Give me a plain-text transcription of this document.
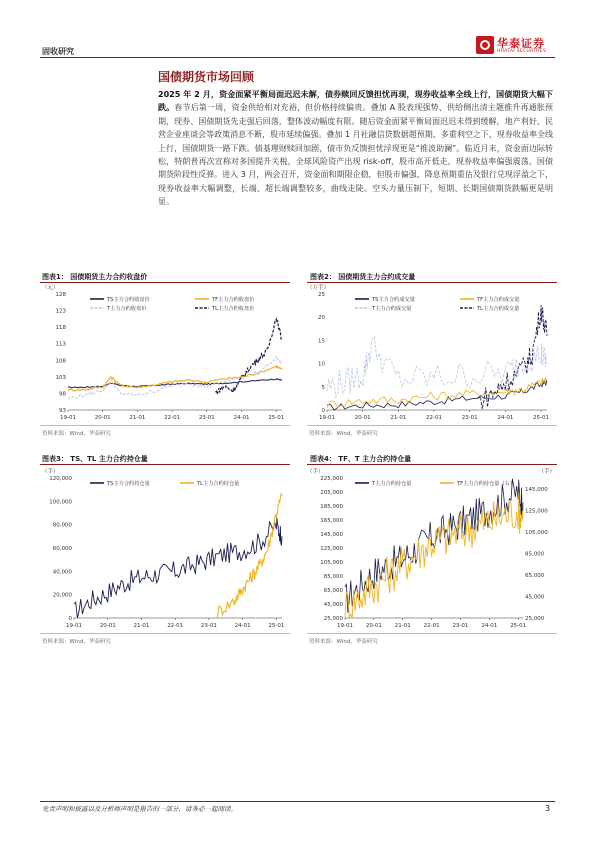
固收研究
华泰证券
HUATAI SECURITIES
国债期货市场回顾
2025 年 2 月，资金面紧平衡局面迟迟未解，债券赎回反馈担忧再现，现券收益率全线上行，国债期货大幅下跌。春节后第一周，资金供给相对充裕，但价格持续偏贵。叠加 A 股表现强势、供给侧出清主题推升再通胀预期，现券、国债期货先走强后回落，整体波动幅度有限。随后资金面紧平衡局面迟迟未得到缓解，地产利好、民营企业座谈会等政策消息不断，股市延续偏强。叠加 1 月社融信贷数据超预期，多重利空之下，现券收益率全线上行，国债期货一路下跌。债基理财赎回加剧，债市负反馈担忧浮现更是“推波助澜”。临近月末，资金面边际转松，特朗普再次宣称对多国提升关税，全球风险资产出现 risk-off，股市高开低走，现券收益率偏强震荡，国债期货阶段性反弹。进入 3 月，两会召开，资金面和期限企稳，但股市偏强、降息预期重估及银行兑现浮盈之下，现券收益率大幅调整，长端、超长端调整较多，曲线走陡。空头力量压制下，短期、长期国债期货跌幅更是明显。
图表1： 国债期货主力合约收盘价
（元）
93
98
103
108
113
118
123
128
19-01	20-01	21-01	22-01	23-01	24-01	25-01
TS主力合约收盘价	TF主力合约收盘价
T主力合约收盘价	TL主力合约收盘价
资料来源：Wind，华泰研究
图表2： 国债期货主力合约成交量
（万手）
0
5
10
15
20
25
19-01	20-01	21-01	22-01	23-01	24-01	25-01
TS主力合约成交量	TF主力合约成交量
T主力合约成交量	TL主力合约成交量
资料来源：Wind，华泰研究
图表3： TS、TL 主力合约持仓量
（手）
0
20,000
40,000
60,000
80,000
100,000
120,000
19-01	20-01	21-01	22-01	23-01	24-01	25-01
TS主力合约持仓量	TL主力合约持仓量
资料来源：Wind，华泰研究
图表4： TF、T 主力合约持仓量
（手）	（手）
25,000
45,000
65,000
85,000
105,000
125,000
145,000
165,000
185,000
205,000
225,000
25,000
45,000
65,000
85,000
105,000
125,000
145,000
19-01 20-01 21-01 22-01 23-01 24-01 25-01
T主力合约持仓量	TF主力合约持仓量（右）
资料来源：Wind，华泰研究
免责声明和披露以及分析师声明是报告的一部分，请务必一起阅读。	3
